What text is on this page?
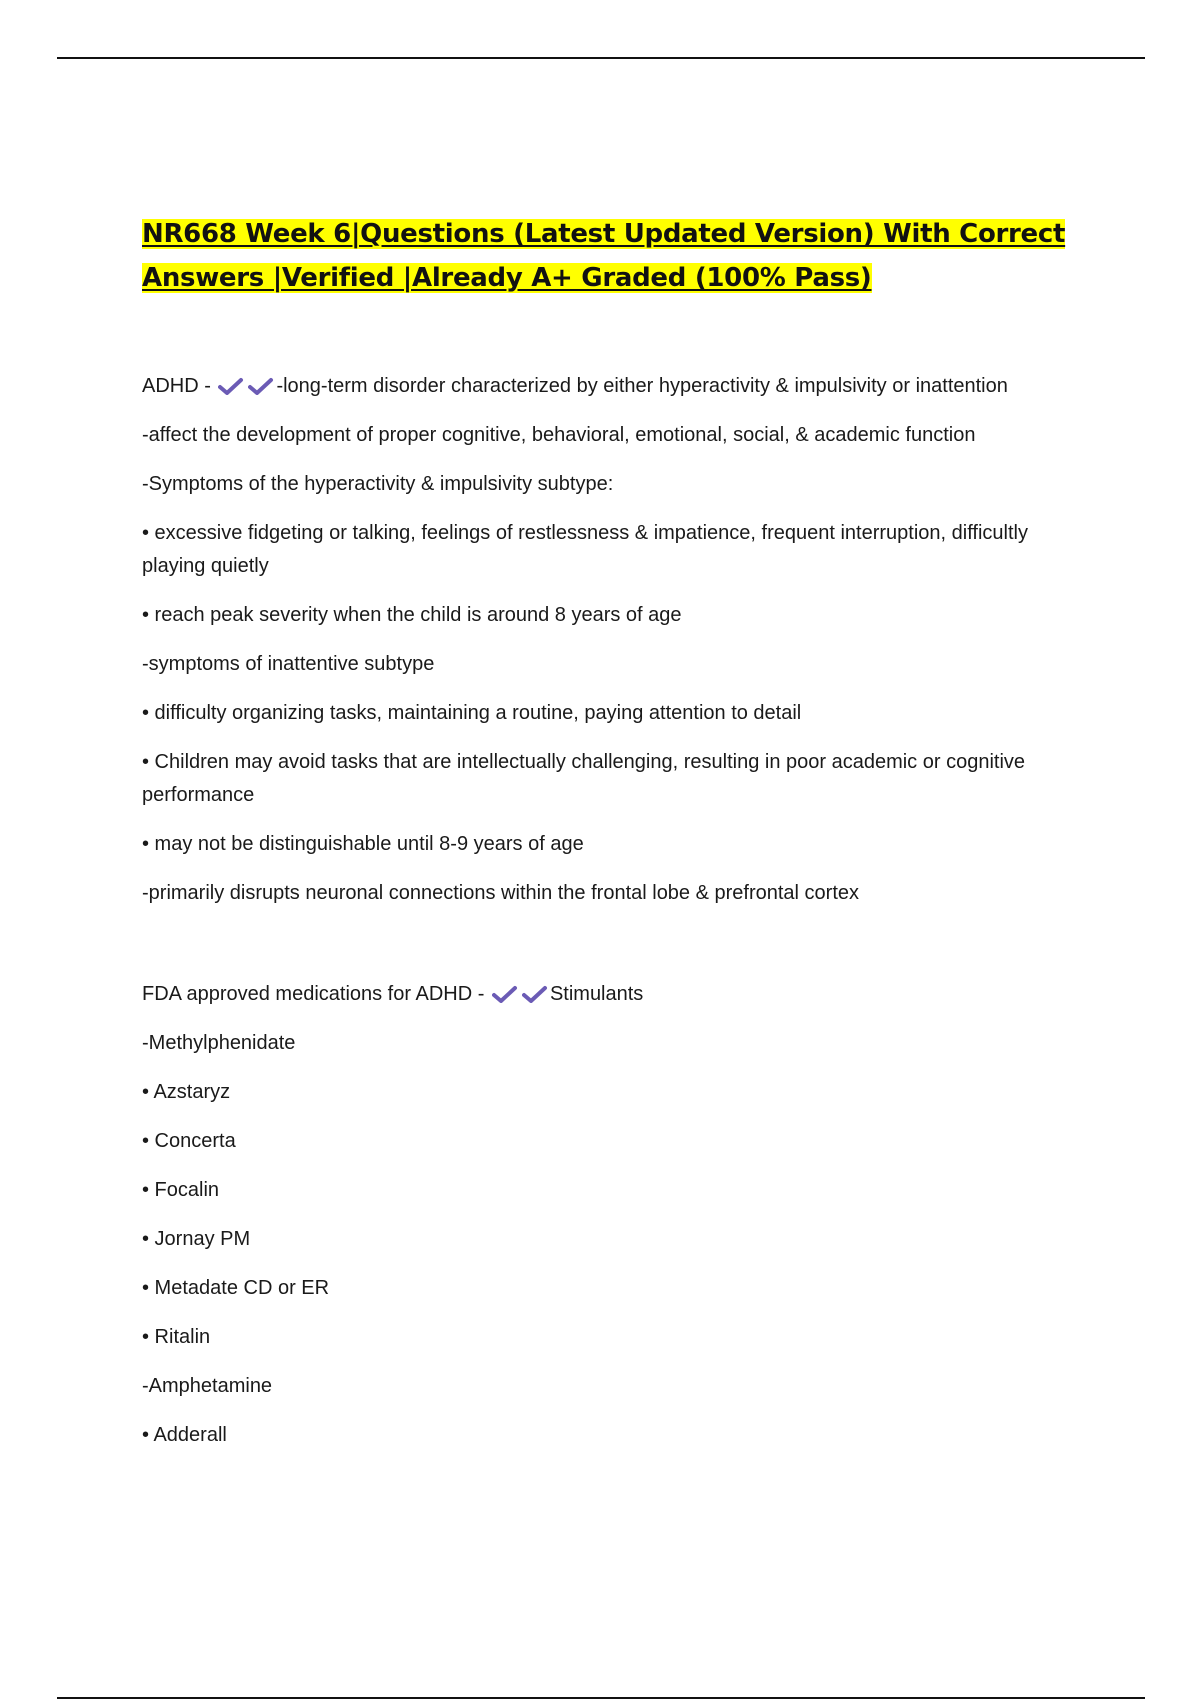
NR668 Week 6|Questions (Latest Updated Version) With Correct Answers |Verified |Already A+ Graded (100% Pass)

ADHD -	-long-term disorder characterized by either hyperactivity & impulsivity or inattention

-affect the development of proper cognitive, behavioral, emotional, social, & academic function

-Symptoms of the hyperactivity & impulsivity subtype:

• excessive fidgeting or talking, feelings of restlessness & impatience, frequent interruption, difficultly playing quietly

• reach peak severity when the child is around 8 years of age

-symptoms of inattentive subtype

• difficulty organizing tasks, maintaining a routine, paying attention to detail

• Children may avoid tasks that are intellectually challenging, resulting in poor academic or cognitive performance

• may not be distinguishable until 8-9 years of age

-primarily disrupts neuronal connections within the frontal lobe & prefrontal cortex

FDA approved medications for ADHD -	Stimulants

-Methylphenidate

• Azstaryz

• Concerta

• Focalin

• Jornay PM

• Metadate CD or ER

• Ritalin

-Amphetamine

• Adderall
